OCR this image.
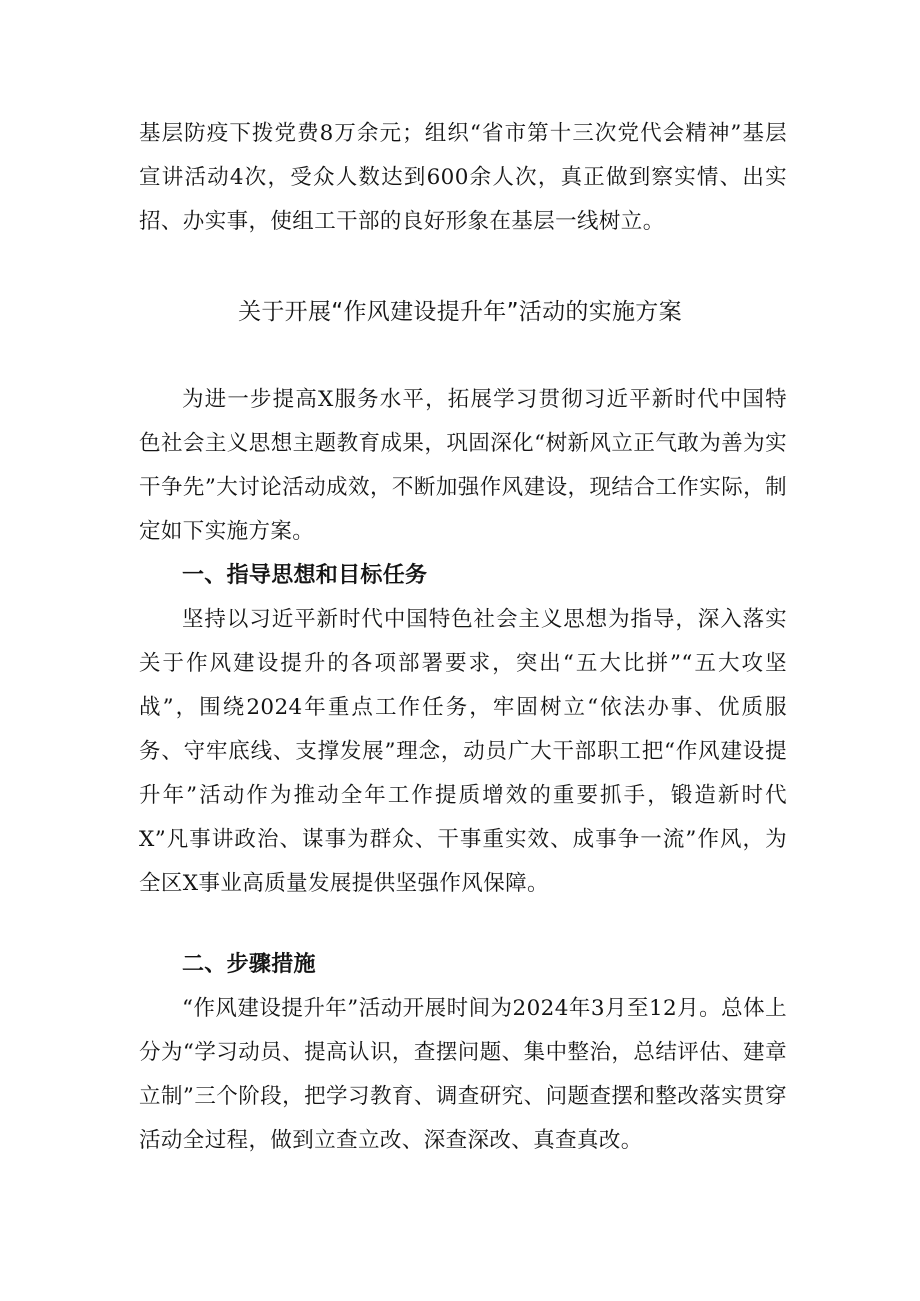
基层防疫下拨党费8万余元；组织“省市第十三次党代会精神”基层宣讲活动4次，受众人数达到600余人次，真正做到察实情、出实招、办实事，使组工干部的良好形象在基层一线树立。

关于开展“作风建设提升年”活动的实施方案

为进一步提高X服务水平，拓展学习贯彻习近平新时代中国特色社会主义思想主题教育成果，巩固深化“树新风立正气敢为善为实干争先”大讨论活动成效，不断加强作风建设，现结合工作实际，制定如下实施方案。

一、指导思想和目标任务

坚持以习近平新时代中国特色社会主义思想为指导，深入落实关于作风建设提升的各项部署要求，突出“五大比拼”“五大攻坚战”，围绕2024年重点工作任务，牢固树立“依法办事、优质服务、守牢底线、支撑发展”理念，动员广大干部职工把“作风建设提升年”活动作为推动全年工作提质增效的重要抓手，锻造新时代X”凡事讲政治、谋事为群众、干事重实效、成事争一流”作风，为全区X事业高质量发展提供坚强作风保障。

二、步骤措施

“作风建设提升年”活动开展时间为2024年3月至12月。总体上分为“学习动员、提高认识，查摆问题、集中整治，总结评估、建章立制”三个阶段，把学习教育、调查研究、问题查摆和整改落实贯穿活动全过程，做到立查立改、深查深改、真查真改。
